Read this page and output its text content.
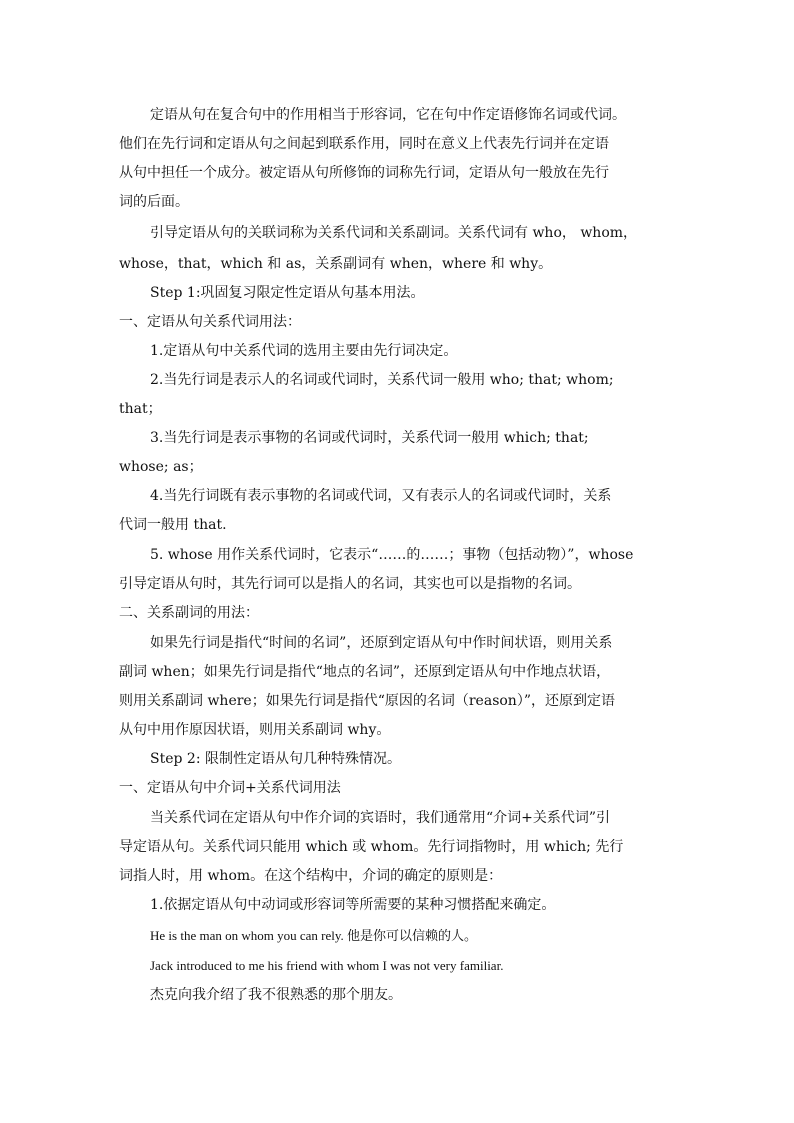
定语从句在复合句中的作用相当于形容词，它在句中作定语修饰名词或代词。
他们在先行词和定语从句之间起到联系作用，同时在意义上代表先行词并在定语
从句中担任一个成分。被定语从句所修饰的词称先行词，定语从句一般放在先行
词的后面。
引导定语从句的关联词称为关系代词和关系副词。关系代词有 who， whom，
whose，that，which 和 as，关系副词有 when，where 和 why。
Step 1:巩固复习限定性定语从句基本用法。
一、定语从句关系代词用法：
1.定语从句中关系代词的选用主要由先行词决定。
2.当先行词是表示人的名词或代词时，关系代词一般用 who; that; whom;
that；
3.当先行词是表示事物的名词或代词时，关系代词一般用 which; that;
whose; as；
4.当先行词既有表示事物的名词或代词，又有表示人的名词或代词时，关系
代词一般用 that.
5. whose 用作关系代词时，它表示“……的……；事物（包括动物）”，whose
引导定语从句时，其先行词可以是指人的名词，其实也可以是指物的名词。
二、关系副词的用法：
如果先行词是指代“时间的名词”，还原到定语从句中作时间状语，则用关系
副词 when；如果先行词是指代“地点的名词”，还原到定语从句中作地点状语，
则用关系副词 where；如果先行词是指代“原因的名词（reason）”，还原到定语
从句中用作原因状语，则用关系副词 why。
Step 2: 限制性定语从句几种特殊情况。
一、定语从句中介词+关系代词用法
当关系代词在定语从句中作介词的宾语时，我们通常用“介词+关系代词”引
导定语从句。关系代词只能用 which 或 whom。先行词指物时，用 which; 先行
词指人时，用 whom。在这个结构中，介词的确定的原则是：
1.依据定语从句中动词或形容词等所需要的某种习惯搭配来确定。
He is the man on whom you can rely. 他是你可以信赖的人。
Jack introduced to me his friend with whom I was not very familiar.
杰克向我介绍了我不很熟悉的那个朋友。
